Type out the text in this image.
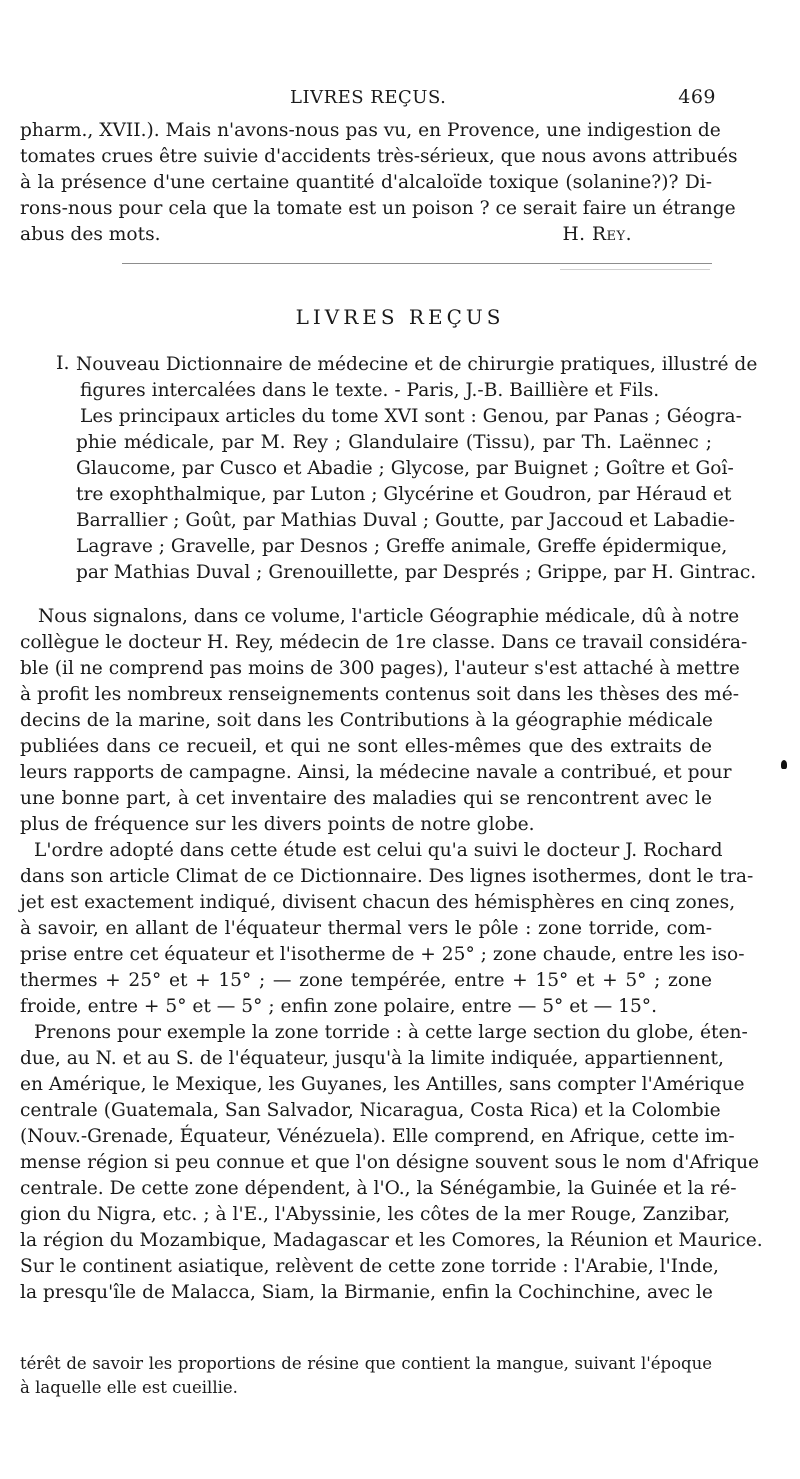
LIVRES REÇUS.	469
pharm., XVII.). Mais n'avons-nous pas vu, en Provence, une indigestion de
tomates crues être suivie d'accidents très-sérieux, que nous avons attribués
à la présence d'une certaine quantité d'alcaloïde toxique (solanine?)? Di-
rons-nous pour cela que la tomate est un poison ? ce serait faire un étrange
abus des mots.	H. Rey.
LIVRES REÇUS
I. Nouveau Dictionnaire de médecine et de chirurgie pratiques, illustré de
figures intercalées dans le texte. - Paris, J.-B. Baillière et Fils.
Les principaux articles du tome XVI sont : Genou, par Panas ; Géogra-
phie médicale, par M. Rey ; Glandulaire (Tissu), par Th. Laënnec ;
Glaucome, par Cusco et Abadie ; Glycose, par Buignet ; Goître et Goî-
tre exophthalmique, par Luton ; Glycérine et Goudron, par Héraud et
Barrallier ; Goût, par Mathias Duval ; Goutte, par Jaccoud et Labadie-
Lagrave ; Gravelle, par Desnos ; Greffe animale, Greffe épidermique,
par Mathias Duval ; Grenouillette, par Després ; Grippe, par H. Gintrac.
Nous signalons, dans ce volume, l'article Géographie médicale, dû à notre
collègue le docteur H. Rey, médecin de 1re classe. Dans ce travail considéra-
ble (il ne comprend pas moins de 300 pages), l'auteur s'est attaché à mettre
à profit les nombreux renseignements contenus soit dans les thèses des mé-
decins de la marine, soit dans les Contributions à la géographie médicale
publiées dans ce recueil, et qui ne sont elles-mêmes que des extraits de
leurs rapports de campagne. Ainsi, la médecine navale a contribué, et pour
une bonne part, à cet inventaire des maladies qui se rencontrent avec le
plus de fréquence sur les divers points de notre globe.
L'ordre adopté dans cette étude est celui qu'a suivi le docteur J. Rochard
dans son article Climat de ce Dictionnaire. Des lignes isothermes, dont le tra-
jet est exactement indiqué, divisent chacun des hémisphères en cinq zones,
à savoir, en allant de l'équateur thermal vers le pôle : zone torride, com-
prise entre cet équateur et l'isotherme de + 25° ; zone chaude, entre les iso-
thermes + 25° et + 15° ; — zone tempérée, entre + 15° et + 5° ; zone
froide, entre + 5° et — 5° ; enfin zone polaire, entre — 5° et — 15°.
Prenons pour exemple la zone torride : à cette large section du globe, éten-
due, au N. et au S. de l'équateur, jusqu'à la limite indiquée, appartiennent,
en Amérique, le Mexique, les Guyanes, les Antilles, sans compter l'Amérique
centrale (Guatemala, San Salvador, Nicaragua, Costa Rica) et la Colombie
(Nouv.-Grenade, Équateur, Vénézuela). Elle comprend, en Afrique, cette im-
mense région si peu connue et que l'on désigne souvent sous le nom d'Afrique
centrale. De cette zone dépendent, à l'O., la Sénégambie, la Guinée et la ré-
gion du Nigra, etc. ; à l'E., l'Abyssinie, les côtes de la mer Rouge, Zanzibar,
la région du Mozambique, Madagascar et les Comores, la Réunion et Maurice.
Sur le continent asiatique, relèvent de cette zone torride : l'Arabie, l'Inde,
la presqu'île de Malacca, Siam, la Birmanie, enfin la Cochinchine, avec le
térêt de savoir les proportions de résine que contient la mangue, suivant l'époque
à laquelle elle est cueillie.
